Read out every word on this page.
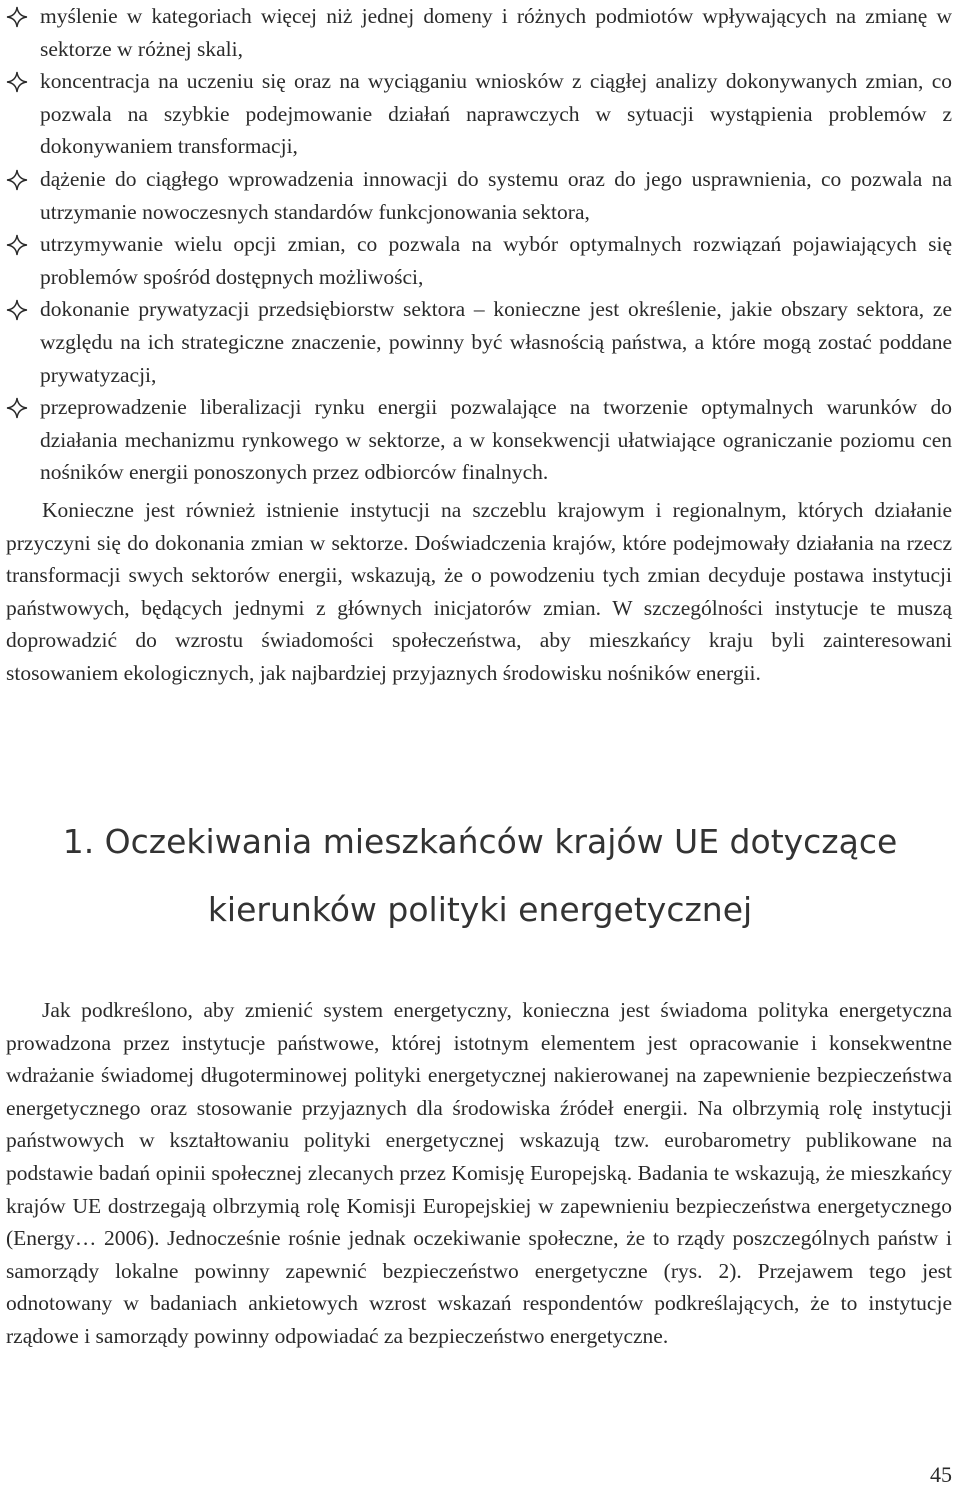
myślenie w kategoriach więcej niż jednej domeny i różnych podmiotów wpływających na zmianę w sektorze w różnej skali,
koncentracja na uczeniu się oraz na wyciąganiu wniosków z ciągłej analizy dokonywanych zmian, co pozwala na szybkie podejmowanie działań naprawczych w sytuacji wystąpienia problemów z dokonywaniem transformacji,
dążenie do ciągłego wprowadzenia innowacji do systemu oraz do jego usprawnienia, co pozwala na utrzymanie nowoczesnych standardów funkcjonowania sektora,
utrzymywanie wielu opcji zmian, co pozwala na wybór optymalnych rozwiązań pojawiających się problemów spośród dostępnych możliwości,
dokonanie prywatyzacji przedsiębiorstw sektora – konieczne jest określenie, jakie obszary sektora, ze względu na ich strategiczne znaczenie, powinny być własnością państwa, a które mogą zostać poddane prywatyzacji,
przeprowadzenie liberalizacji rynku energii pozwalające na tworzenie optymalnych warunków do działania mechanizmu rynkowego w sektorze, a w konsekwencji ułatwiające ograniczanie poziomu cen nośników energii ponoszonych przez odbiorców finalnych.

Konieczne jest również istnienie instytucji na szczeblu krajowym i regionalnym, których działanie przyczyni się do dokonania zmian w sektorze. Doświadczenia krajów, które podejmowały działania na rzecz transformacji swych sektorów energii, wskazują, że o powodzeniu tych zmian decyduje postawa instytucji państwowych, będących jednymi z głównych inicjatorów zmian. W szczególności instytucje te muszą doprowadzić do wzrostu świadomości społeczeństwa, aby mieszkańcy kraju byli zainteresowani stosowaniem ekologicznych, jak najbardziej przyjaznych środowisku nośników energii.

1. Oczekiwania mieszkańców krajów UE dotyczące
kierunków polityki energetycznej

Jak podkreślono, aby zmienić system energetyczny, konieczna jest świadoma polityka energetyczna prowadzona przez instytucje państwowe, której istotnym elementem jest opracowanie i konsekwentne wdrażanie świadomej długoterminowej polityki energetycznej nakierowanej na zapewnienie bezpieczeństwa energetycznego oraz stosowanie przyjaznych dla środowiska źródeł energii. Na olbrzymią rolę instytucji państwowych w kształtowaniu polityki energetycznej wskazują tzw. eurobarometry publikowane na podstawie badań opinii społecznej zlecanych przez Komisję Europejską. Badania te wskazują, że mieszkańcy krajów UE dostrzegają olbrzymią rolę Komisji Europejskiej w zapewnieniu bezpieczeństwa energetycznego (Energy… 2006). Jednocześnie rośnie jednak oczekiwanie społeczne, że to rządy poszczególnych państw i samorządy lokalne powinny zapewnić bezpieczeństwo energetyczne (rys. 2). Przejawem tego jest odnotowany w badaniach ankietowych wzrost wskazań respondentów podkreślających, że to instytucje rządowe i samorządy powinny odpowiadać za bezpieczeństwo energetyczne.

45
